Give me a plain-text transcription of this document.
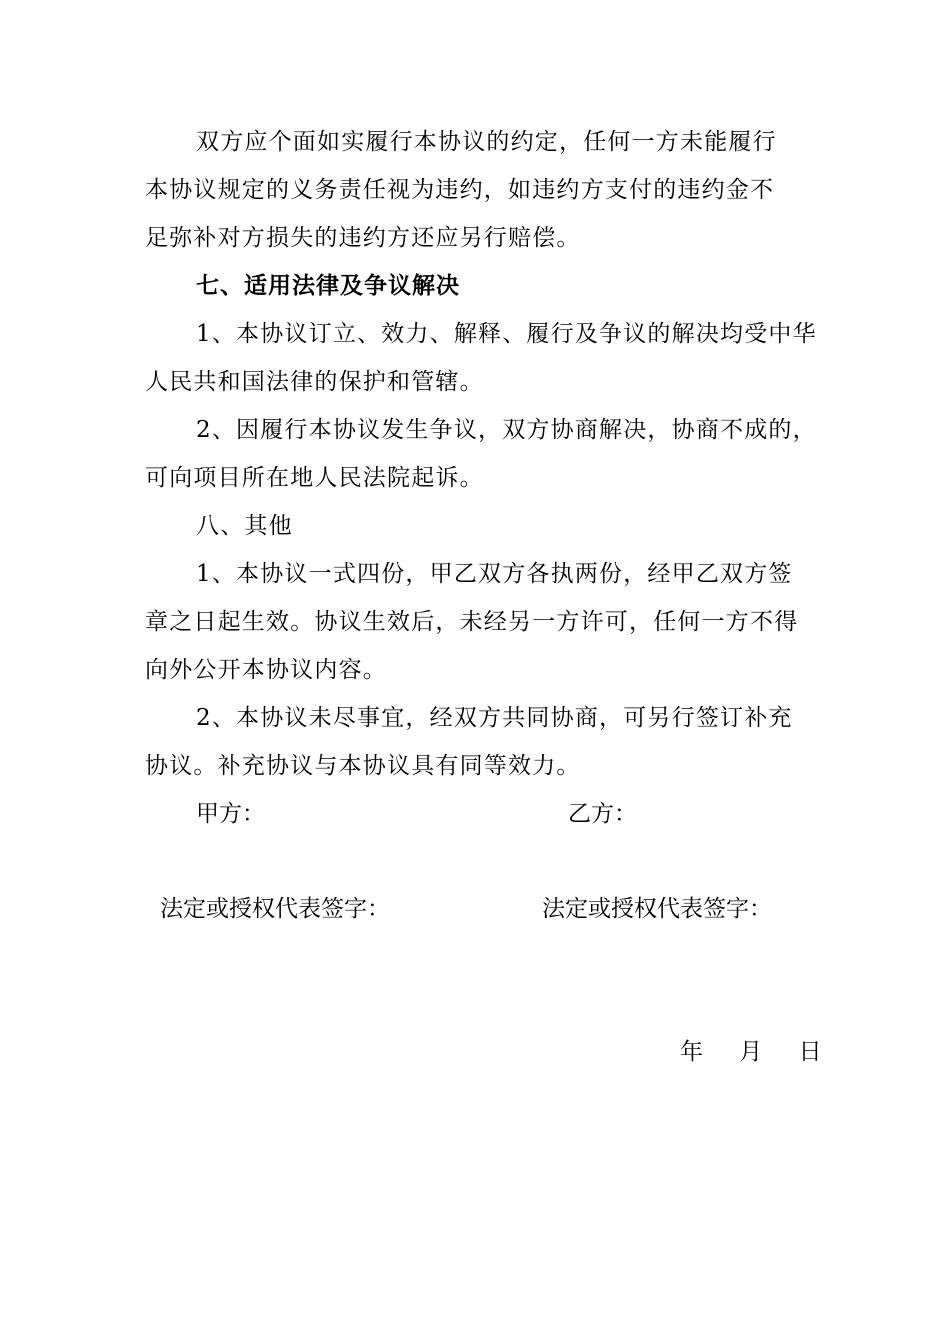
双方应个面如实履行本协议的约定，任何一方未能履行
本协议规定的义务责任视为违约，如违约方支付的违约金不
足弥补对方损失的违约方还应另行赔偿。
七、适用法律及争议解决
1、本协议订立、效力、解释、履行及争议的解决均受中华
人民共和国法律的保护和管辖。
2、因履行本协议发生争议，双方协商解决，协商不成的，
可向项目所在地人民法院起诉。
八、其他
1、本协议一式四份，甲乙双方各执两份，经甲乙双方签
章之日起生效。协议生效后，未经另一方许可，任何一方不得
向外公开本协议内容。
2、本协议未尽事宜，经双方共同协商，可另行签订补充
协议。补充协议与本协议具有同等效力。
甲方：	乙方：
法定或授权代表签字：	法定或授权代表签字：
年　 月　 日
